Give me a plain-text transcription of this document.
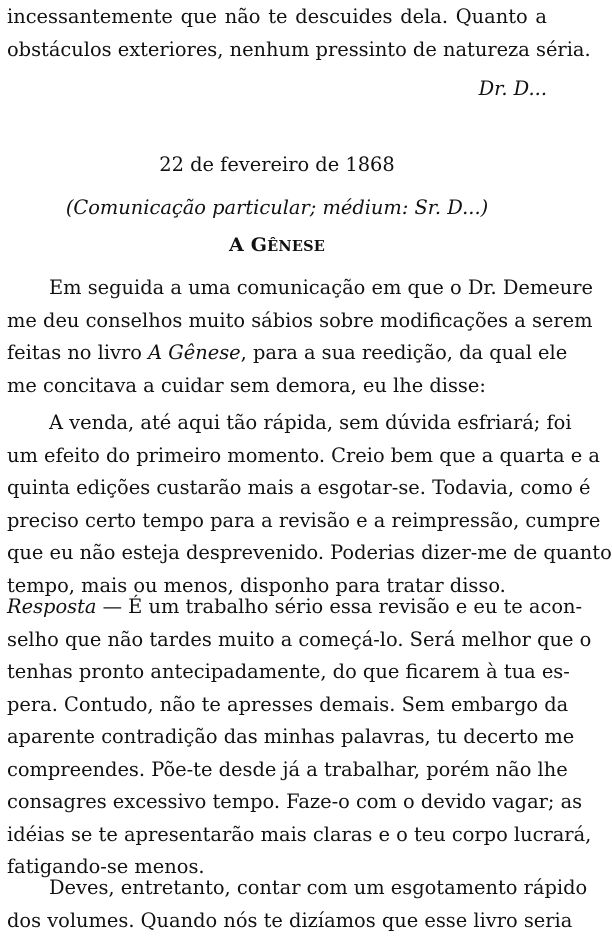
incessantemente que não te descuides dela. Quanto a
obstáculos exteriores, nenhum pressinto de natureza séria.
Dr. D...
22 de fevereiro de 1868
(Comunicação particular; médium: Sr. D...)
A GÊNESE
Em seguida a uma comunicação em que o Dr. Demeure
me deu conselhos muito sábios sobre modificações a serem
feitas no livro A Gênese, para a sua reedição, da qual ele
me concitava a cuidar sem demora, eu lhe disse:
A venda, até aqui tão rápida, sem dúvida esfriará; foi
um efeito do primeiro momento. Creio bem que a quarta e a
quinta edições custarão mais a esgotar-se. Todavia, como é
preciso certo tempo para a revisão e a reimpressão, cumpre
que eu não esteja desprevenido. Poderias dizer-me de quanto
tempo, mais ou menos, disponho para tratar disso.
Resposta — É um trabalho sério essa revisão e eu te acon-
selho que não tardes muito a começá-lo. Será melhor que o
tenhas pronto antecipadamente, do que ficarem à tua es-
pera. Contudo, não te apresses demais. Sem embargo da
aparente contradição das minhas palavras, tu decerto me
compreendes. Põe-te desde já a trabalhar, porém não lhe
consagres excessivo tempo. Faze-o com o devido vagar; as
idéias se te apresentarão mais claras e o teu corpo lucrará,
fatigando-se menos.
Deves, entretanto, contar com um esgotamento rápido
dos volumes. Quando nós te dizíamos que esse livro seria
